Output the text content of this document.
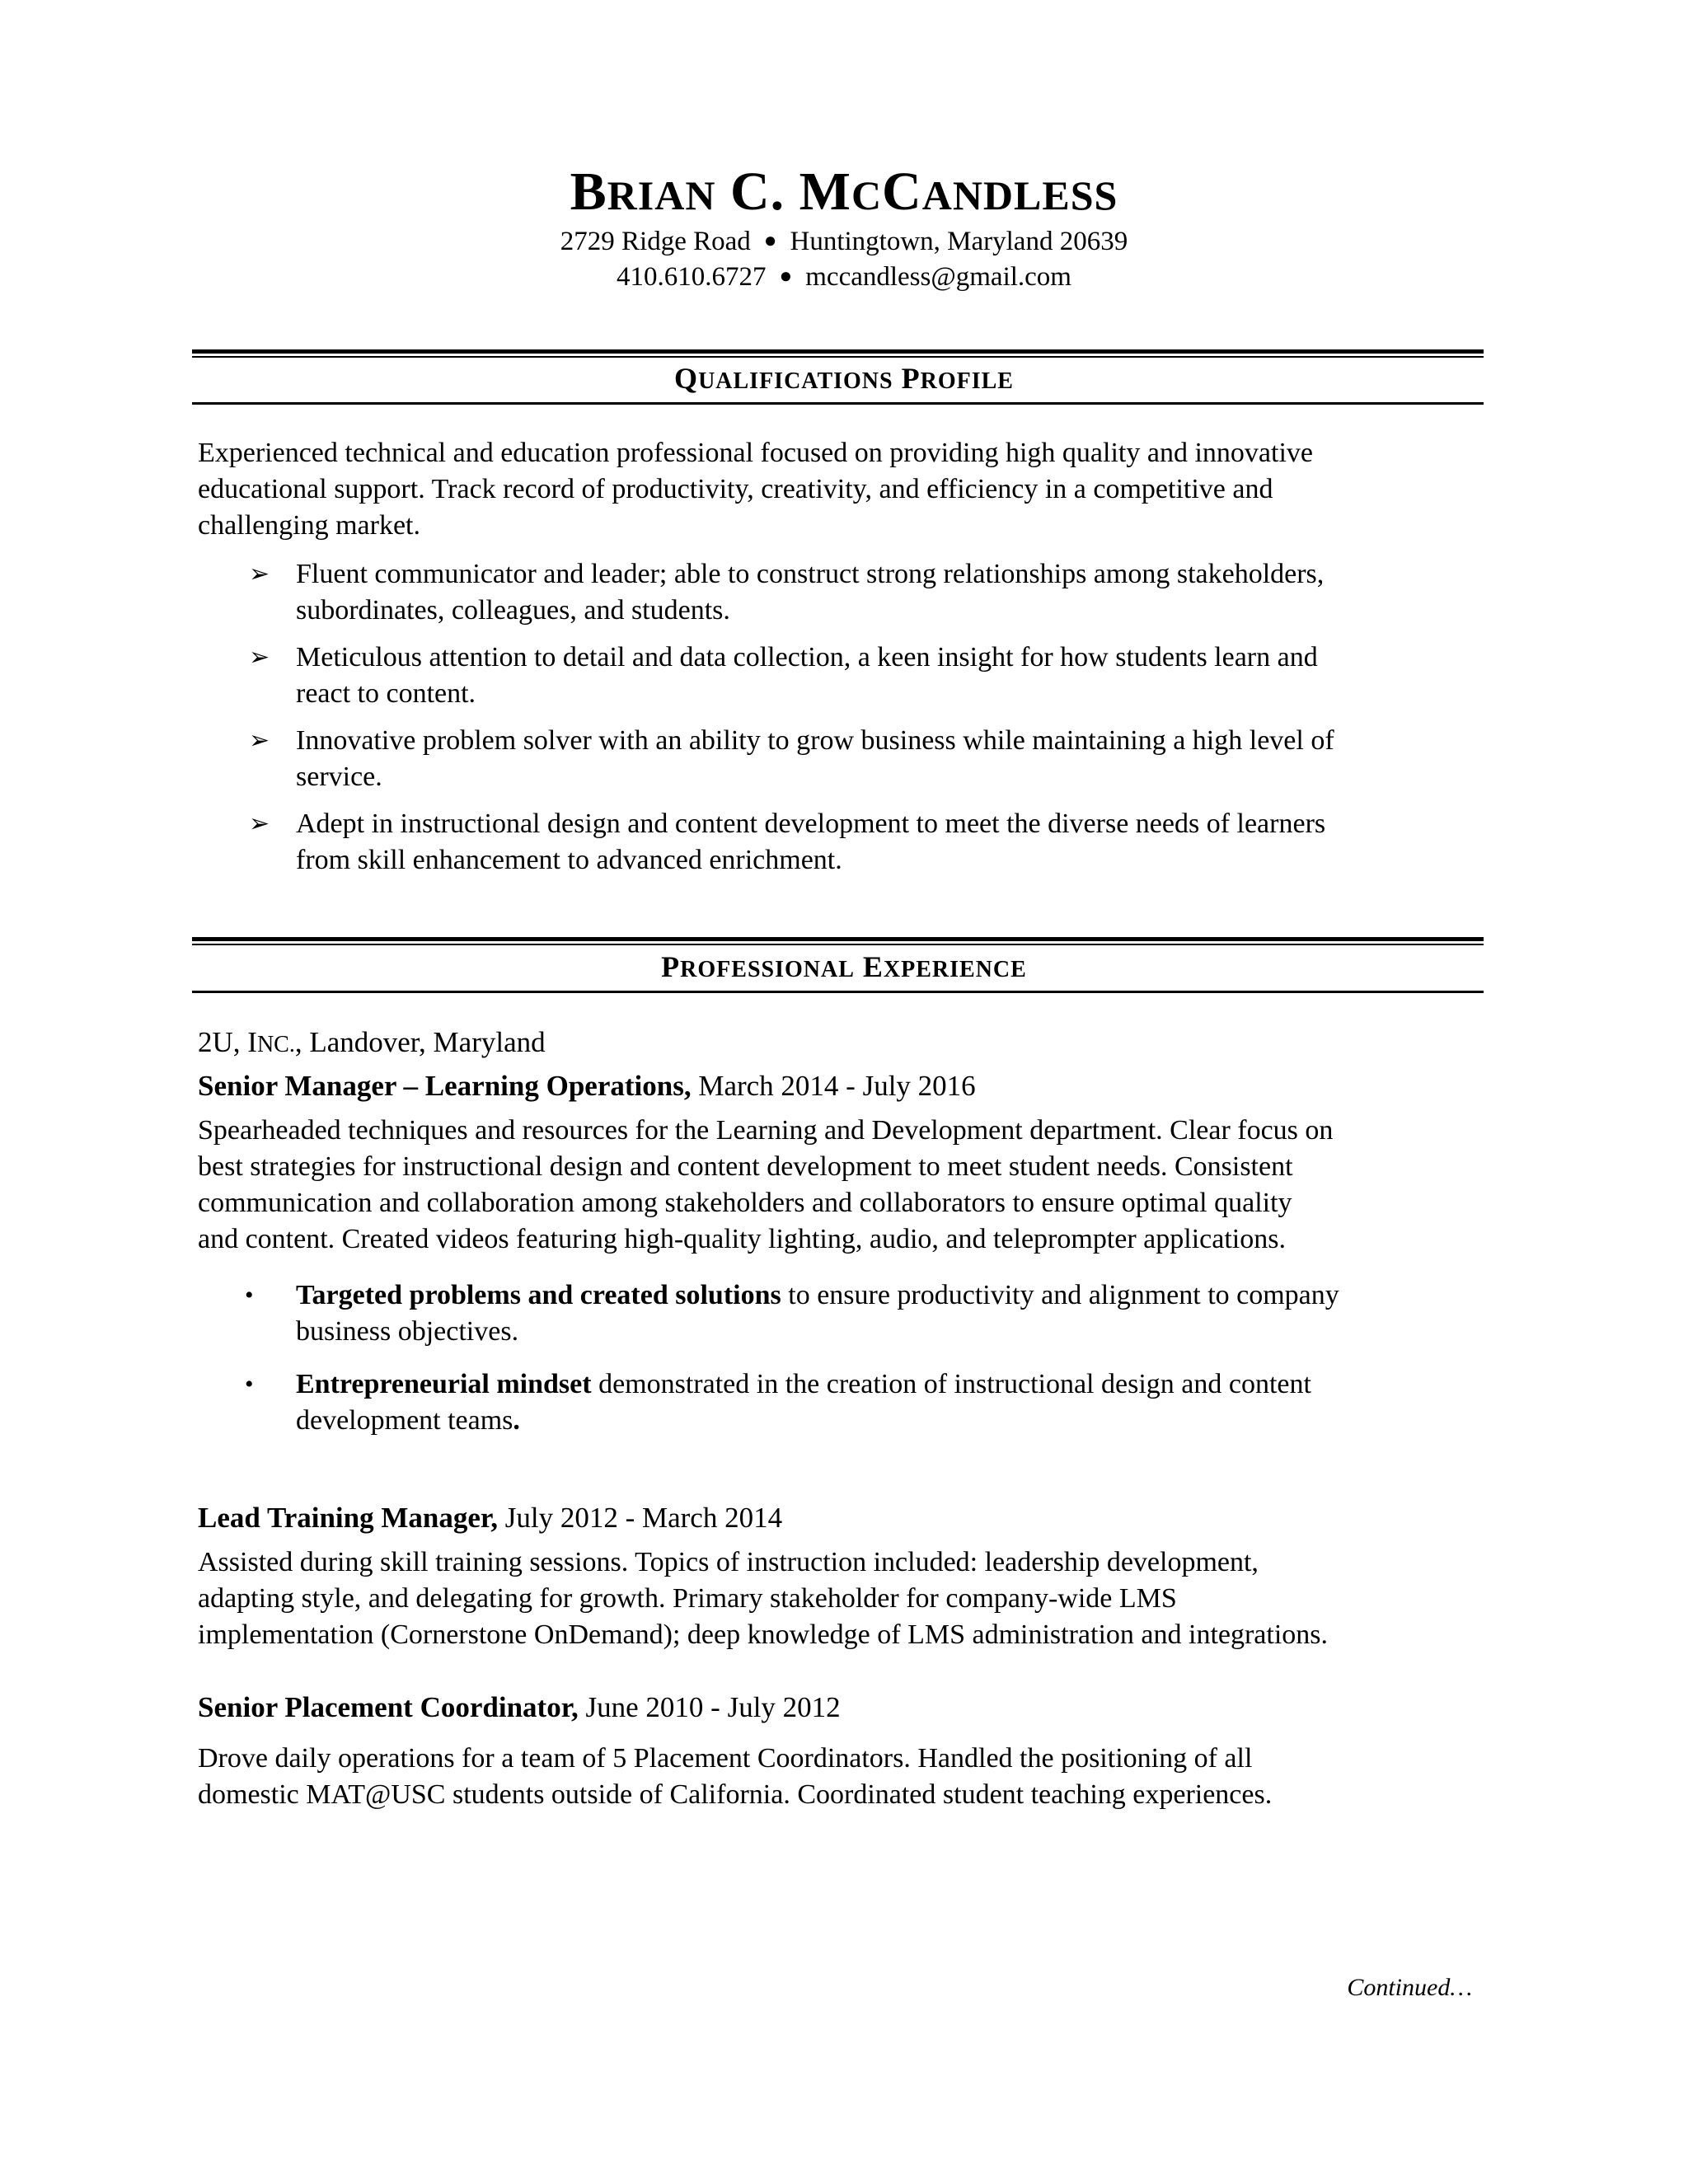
BRIAN C. MCCANDLESS
2729 Ridge Road ● Huntingtown, Maryland 20639
410.610.6727 ● mccandless@gmail.com
QUALIFICATIONS PROFILE
Experienced technical and education professional focused on providing high quality and innovative
educational support. Track record of productivity, creativity, and efficiency in a competitive and
challenging market.
➢ Fluent communicator and leader; able to construct strong relationships among stakeholders,
subordinates, colleagues, and students.
➢ Meticulous attention to detail and data collection, a keen insight for how students learn and
react to content.
➢ Innovative problem solver with an ability to grow business while maintaining a high level of
service.
➢ Adept in instructional design and content development to meet the diverse needs of learners
from skill enhancement to advanced enrichment.
PROFESSIONAL EXPERIENCE
2U, INC., Landover, Maryland
Senior Manager – Learning Operations, March 2014 - July 2016
Spearheaded techniques and resources for the Learning and Development department. Clear focus on
best strategies for instructional design and content development to meet student needs. Consistent
communication and collaboration among stakeholders and collaborators to ensure optimal quality
and content. Created videos featuring high-quality lighting, audio, and teleprompter applications.
• Targeted problems and created solutions to ensure productivity and alignment to company
business objectives.
• Entrepreneurial mindset demonstrated in the creation of instructional design and content
development teams.
Lead Training Manager, July 2012 - March 2014
Assisted during skill training sessions. Topics of instruction included: leadership development,
adapting style, and delegating for growth. Primary stakeholder for company-wide LMS
implementation (Cornerstone OnDemand); deep knowledge of LMS administration and integrations.
Senior Placement Coordinator, June 2010 - July 2012
Drove daily operations for a team of 5 Placement Coordinators. Handled the positioning of all
domestic MAT@USC students outside of California. Coordinated student teaching experiences.
Continued…
